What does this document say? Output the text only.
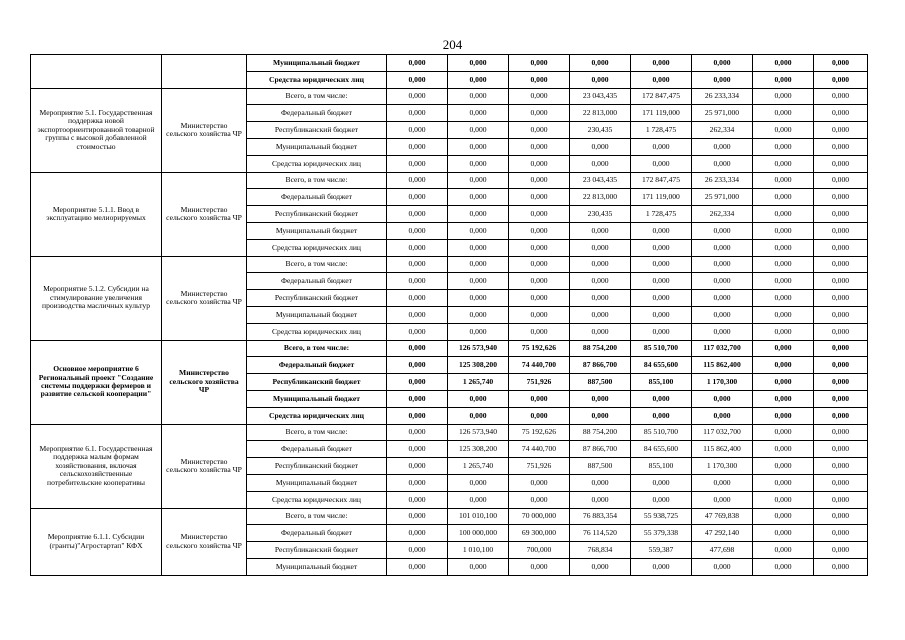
204
		Муниципальный бюджет	0,000	0,000	0,000	0,000	0,000	0,000	0,000	0,000
		Средства юридических лиц	0,000	0,000	0,000	0,000	0,000	0,000	0,000	0,000
Мероприятие 5.1. Государственная поддержка новой экспортоориентированной товарной группы с высокой добавленной стоимостью	Министерство сельского хозяйства ЧР	Всего, в том числе:	0,000	0,000	0,000	23 043,435	172 847,475	26 233,334	0,000	0,000
		Федеральный бюджет	0,000	0,000	0,000	22 813,000	171 119,000	25 971,000	0,000	0,000
		Республиканский бюджет	0,000	0,000	0,000	230,435	1 728,475	262,334	0,000	0,000
		Муниципальный бюджет	0,000	0,000	0,000	0,000	0,000	0,000	0,000	0,000
		Средства юридических лиц	0,000	0,000	0,000	0,000	0,000	0,000	0,000	0,000
Мероприятие 5.1.1. Ввод в эксплуатацию мелиорируемых	Министерство сельского хозяйства ЧР	Всего, в том числе:	0,000	0,000	0,000	23 043,435	172 847,475	26 233,334	0,000	0,000
		Федеральный бюджет	0,000	0,000	0,000	22 813,000	171 119,000	25 971,000	0,000	0,000
		Республиканский бюджет	0,000	0,000	0,000	230,435	1 728,475	262,334	0,000	0,000
		Муниципальный бюджет	0,000	0,000	0,000	0,000	0,000	0,000	0,000	0,000
		Средства юридических лиц	0,000	0,000	0,000	0,000	0,000	0,000	0,000	0,000
Мероприятие 5.1.2. Субсидии на стимулирование увеличения производства масличных культур	Министерство сельского хозяйства ЧР	Всего, в том числе:	0,000	0,000	0,000	0,000	0,000	0,000	0,000	0,000
		Федеральный бюджет	0,000	0,000	0,000	0,000	0,000	0,000	0,000	0,000
		Республиканский бюджет	0,000	0,000	0,000	0,000	0,000	0,000	0,000	0,000
		Муниципальный бюджет	0,000	0,000	0,000	0,000	0,000	0,000	0,000	0,000
		Средства юридических лиц	0,000	0,000	0,000	0,000	0,000	0,000	0,000	0,000
Основное мероприятие 6 Региональный проект "Создание системы поддержки фермеров и развитие сельской кооперации"	Министерство сельского хозяйства ЧР	Всего, в том числе:	0,000	126 573,940	75 192,626	88 754,200	85 510,700	117 032,700	0,000	0,000
		Федеральный бюджет	0,000	125 308,200	74 440,700	87 866,700	84 655,600	115 862,400	0,000	0,000
		Республиканский бюджет	0,000	1 265,740	751,926	887,500	855,100	1 170,300	0,000	0,000
		Муниципальный бюджет	0,000	0,000	0,000	0,000	0,000	0,000	0,000	0,000
		Средства юридических лиц	0,000	0,000	0,000	0,000	0,000	0,000	0,000	0,000
Мероприятие 6.1. Государственная поддержка малым формам хозяйствования, включая сельскохозяйственные потребительские кооперативы	Министерство сельского хозяйства ЧР	Всего, в том числе:	0,000	126 573,940	75 192,626	88 754,200	85 510,700	117 032,700	0,000	0,000
		Федеральный бюджет	0,000	125 308,200	74 440,700	87 866,700	84 655,600	115 862,400	0,000	0,000
		Республиканский бюджет	0,000	1 265,740	751,926	887,500	855,100	1 170,300	0,000	0,000
		Муниципальный бюджет	0,000	0,000	0,000	0,000	0,000	0,000	0,000	0,000
		Средства юридических лиц	0,000	0,000	0,000	0,000	0,000	0,000	0,000	0,000
Мероприятие 6.1.1. Субсидии (гранты)"Агростартап" КФХ	Министерство сельского хозяйства ЧР	Всего, в том числе:	0,000	101 010,100	70 000,000	76 883,354	55 938,725	47 769,838	0,000	0,000
		Федеральный бюджет	0,000	100 000,000	69 300,000	76 114,520	55 379,338	47 292,140	0,000	0,000
		Республиканский бюджет	0,000	1 010,100	700,000	768,834	559,387	477,698	0,000	0,000
		Муниципальный бюджет	0,000	0,000	0,000	0,000	0,000	0,000	0,000	0,000
